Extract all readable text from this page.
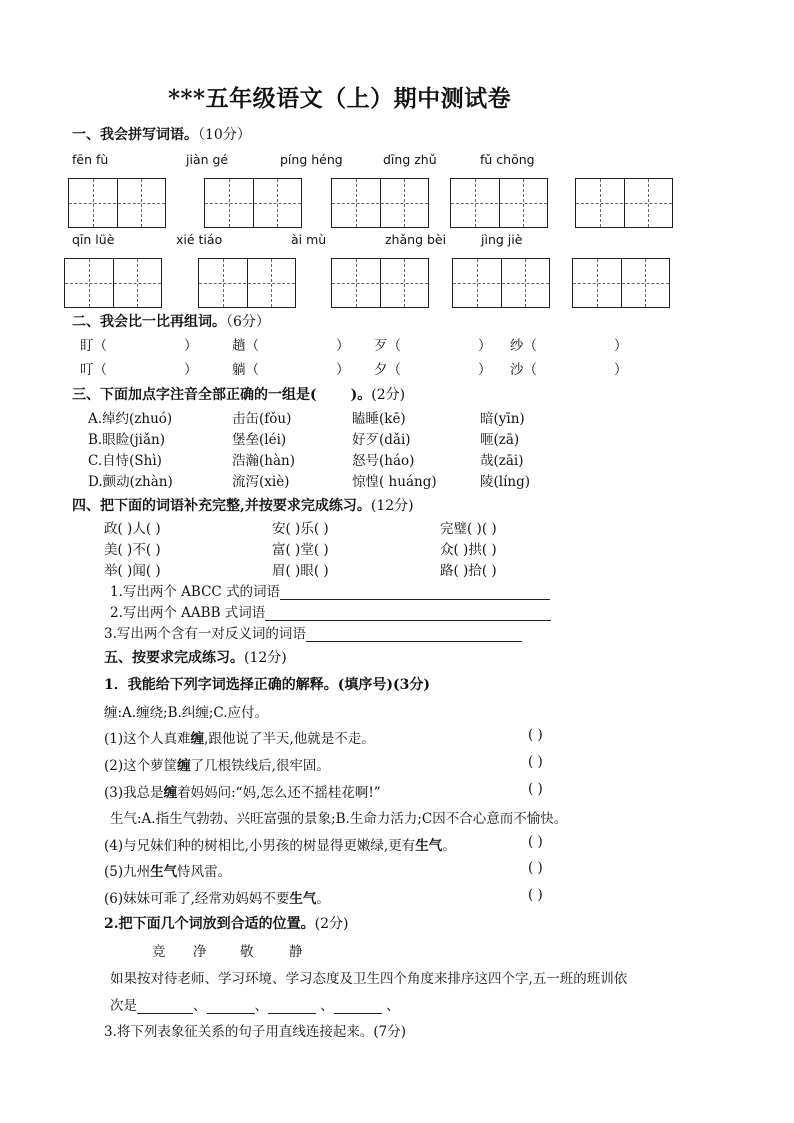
***五年级语文（上）期中测试卷
一、我会拼写词语。（10分）
fēn fù	jiàn gé	píng héng	dīng zhǔ	fǔ chōng
qīn lüè	xié tiáo	ài mù	zhǎng bèi	jìng jiè
二、我会比一比再组词。（6分）
盯（	）	趟（	） 歹（	） 纱（	）
叮（	）	躺（	） 夕（	） 沙（	）
三、下面加点字注音全部正确的一组是( )。(2分)
A.绰约(zhuó)	击缶(fǒu)	瞌睡(kē)	暗(yīn)
B.眼睑(jiǎn)	堡垒(léi)	好歹(dǎi)	咂(zā)
C.自恃(Shì)	浩瀚(hàn)	怒号(háo)	哉(zāi)
D.颤动(zhàn)	流泻(xiè)	惊惶( huáng)	陵(líng)
四、把下面的词语补充完整,并按要求完成练习。(12分)
政( )人( )	安( )乐( )	完璧( )( )
美( )不( )	富( )堂( )	众( )拱( )
举( )闻( )	眉( )眼( )	路( )拾( )
1.写出两个 ABCC 式的词语
2.写出两个 AABB 式词语
3.写出两个含有一对反义词的词语
五、按要求完成练习。(12分)
1．我能给下列字词选择正确的解释。(填序号)(3分)
缠:A.缠绕;B.纠缠;C.应付。
(1)这个人真难缠,跟他说了半天,他就是不走。	( )
(2)这个萝筐缠了几根铁线后,很牢固。	( )
(3)我总是缠着妈妈问:“妈,怎么还不摇桂花啊!”	( )
生气:A.指生气勃勃、兴旺富强的景象;B.生命力活力;C因不合心意而不愉快。
(4)与兄妹们种的树相比,小男孩的树显得更嫩绿,更有生气。	( )
(5)九州生气恃风雷。	( )
(6)妹妹可乖了,经常劝妈妈不要生气。	( )
2.把下面几个词放到合适的位置。(2分)
竞 净 敬	静
如果按对待老师、学习环境、学习态度及卫生四个角度来排序这四个字,五一班的班训依
次是	、	、	、	、
3.将下列表象征关系的句子用直线连接起来。(7分)
